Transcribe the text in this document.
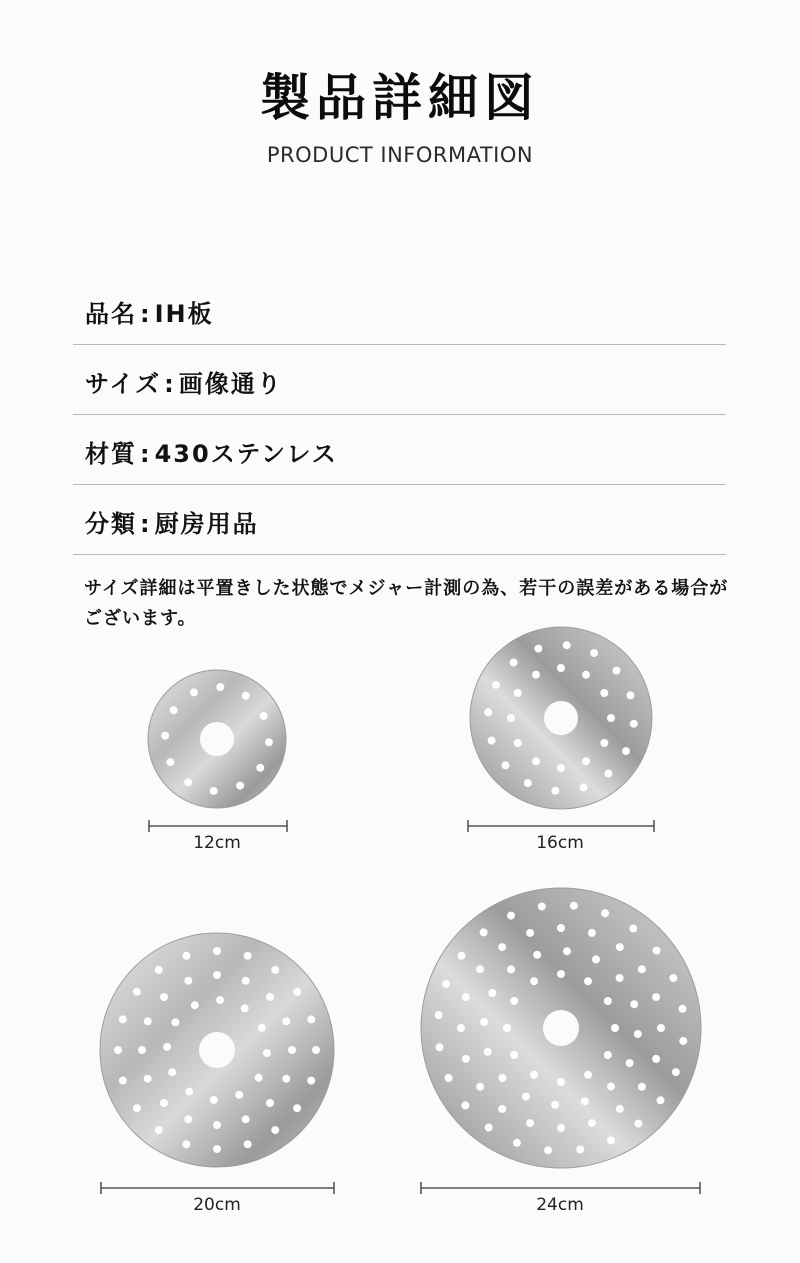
製品詳細図
PRODUCT INFORMATION
品名 : IH板
サイズ : 画像通り
材質 : 430ステンレス
分類 : 厨房用品
サイズ詳細は平置きした状態でメジャー計測の為、若干の誤差がある場合がございます。
12cm	16cm
20cm	24cm
